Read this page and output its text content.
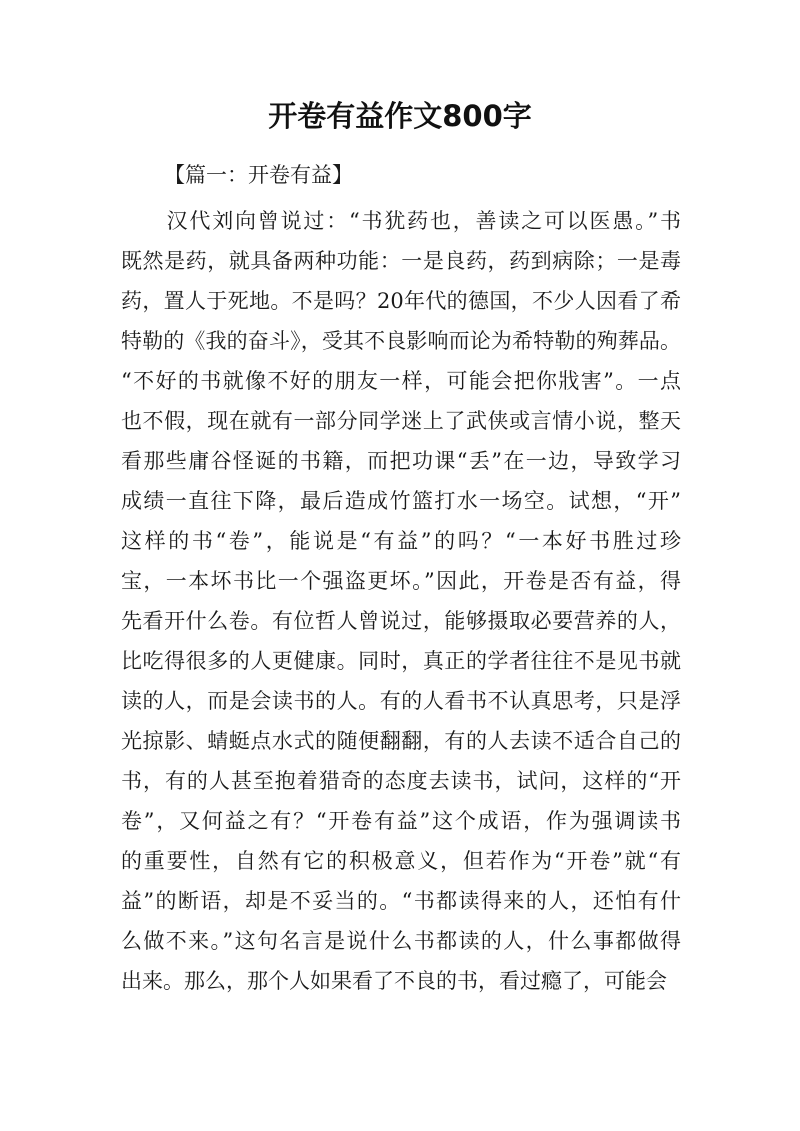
开卷有益作文800字

【篇一：开卷有益】

　　汉代刘向曾说过：“书犹药也，善读之可以医愚。”书
既然是药，就具备两种功能：一是良药，药到病除；一是毒
药，置人于死地。不是吗？20年代的德国，不少人因看了希
特勒的《我的奋斗》，受其不良影响而论为希特勒的殉葬品。
“不好的书就像不好的朋友一样，可能会把你戕害”。一点
也不假，现在就有一部分同学迷上了武侠或言情小说，整天
看那些庸谷怪诞的书籍，而把功课“丢”在一边，导致学习
成绩一直往下降，最后造成竹篮打水一场空。试想，“开”
这样的书“卷”，能说是“有益”的吗？“一本好书胜过珍
宝，一本坏书比一个强盗更坏。”因此，开卷是否有益，得
先看开什么卷。有位哲人曾说过，能够摄取必要营养的人，
比吃得很多的人更健康。同时，真正的学者往往不是见书就
读的人，而是会读书的人。有的人看书不认真思考，只是浮
光掠影、蜻蜓点水式的随便翻翻，有的人去读不适合自己的
书，有的人甚至抱着猎奇的态度去读书，试问，这样的“开
卷”，又何益之有？“开卷有益”这个成语，作为强调读书
的重要性，自然有它的积极意义，但若作为“开卷”就“有
益”的断语，却是不妥当的。“书都读得来的人，还怕有什
么做不来。”这句名言是说什么书都读的人，什么事都做得
出来。那么，那个人如果看了不良的书，看过瘾了，可能会
